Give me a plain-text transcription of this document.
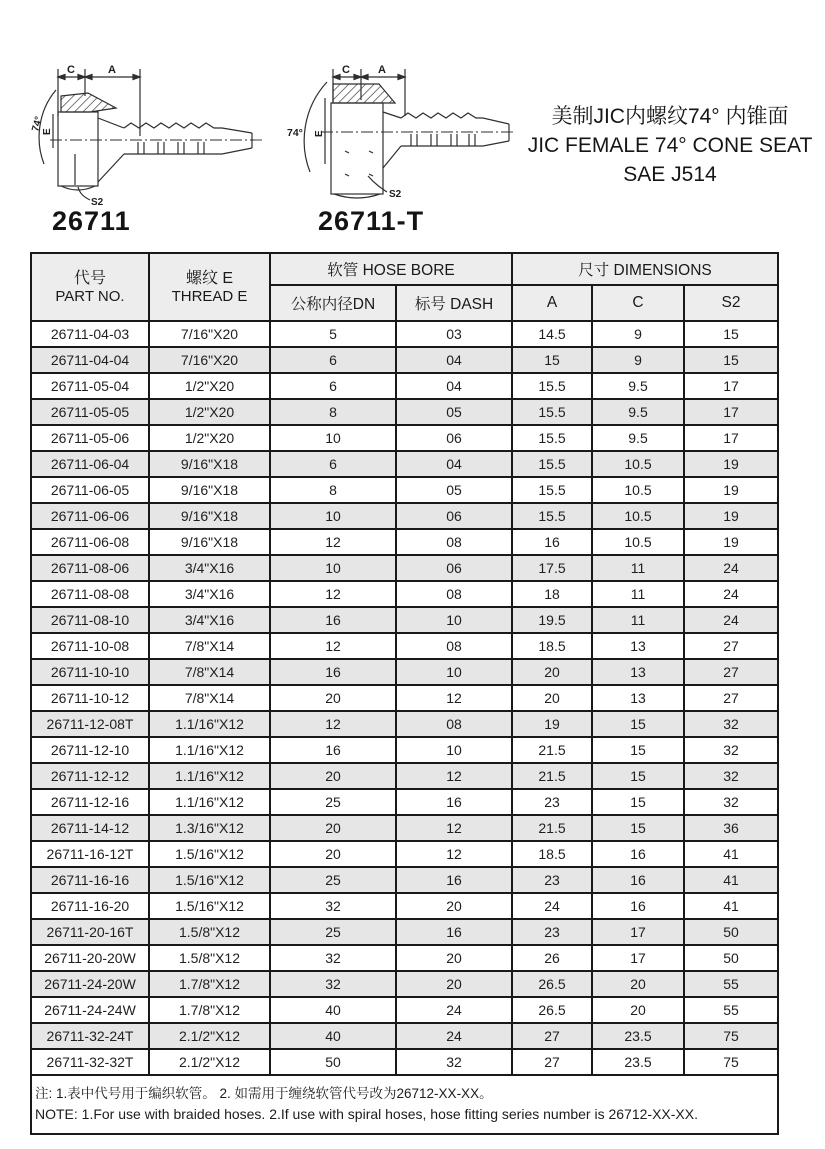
C	A
74°
E
S2
C	A
74° E
S2
26711	26711-T
美制JIC内螺纹74° 内锥面
JIC FEMALE 74° CONE SEAT
SAE J514
代号
PART NO.

螺纹 E
THREAD E
	软管 HOSE BORE	尺寸 DIMENSIONS
		公称内径DN	标号 DASH	A	C	S2
26711-04-03	7/16"X20	5	03	14.5	9	15
26711-04-04	7/16"X20	6	04	15	9	15
26711-05-04	1/2"X20	6	04	15.5	9.5	17
26711-05-05	1/2"X20	8	05	15.5	9.5	17
26711-05-06	1/2"X20	10	06	15.5	9.5	17
26711-06-04	9/16"X18	6	04	15.5	10.5	19
26711-06-05	9/16"X18	8	05	15.5	10.5	19
26711-06-06	9/16"X18	10	06	15.5	10.5	19
26711-06-08	9/16"X18	12	08	16	10.5	19
26711-08-06	3/4"X16	10	06	17.5	11	24
26711-08-08	3/4"X16	12	08	18	11	24
26711-08-10	3/4"X16	16	10	19.5	11	24
26711-10-08	7/8"X14	12	08	18.5	13	27
26711-10-10	7/8"X14	16	10	20	13	27
26711-10-12	7/8"X14	20	12	20	13	27
26711-12-08T	1.1/16"X12	12	08	19	15	32
26711-12-10	1.1/16"X12	16	10	21.5	15	32
26711-12-12	1.1/16"X12	20	12	21.5	15	32
26711-12-16	1.1/16"X12	25	16	23	15	32
26711-14-12	1.3/16"X12	20	12	21.5	15	36
26711-16-12T	1.5/16"X12	20	12	18.5	16	41
26711-16-16	1.5/16"X12	25	16	23	16	41
26711-16-20	1.5/16"X12	32	20	24	16	41
26711-20-16T	1.5/8"X12	25	16	23	17	50
26711-20-20W	1.5/8"X12	32	20	26	17	50
26711-24-20W	1.7/8"X12	32	20	26.5	20	55
26711-24-24W	1.7/8"X12	40	24	26.5	20	55
26711-32-24T	2.1/2"X12	40	24	27	23.5	75
26711-32-32T	2.1/2"X12	50	32	27	23.5	75

注: 1.表中代号用于编织软管。 2. 如需用于缠绕软管代号改为26712-XX-XX。
NOTE: 1.For use with braided hoses. 2.If use with spiral hoses, hose fitting series number is 26712-XX-XX.						
